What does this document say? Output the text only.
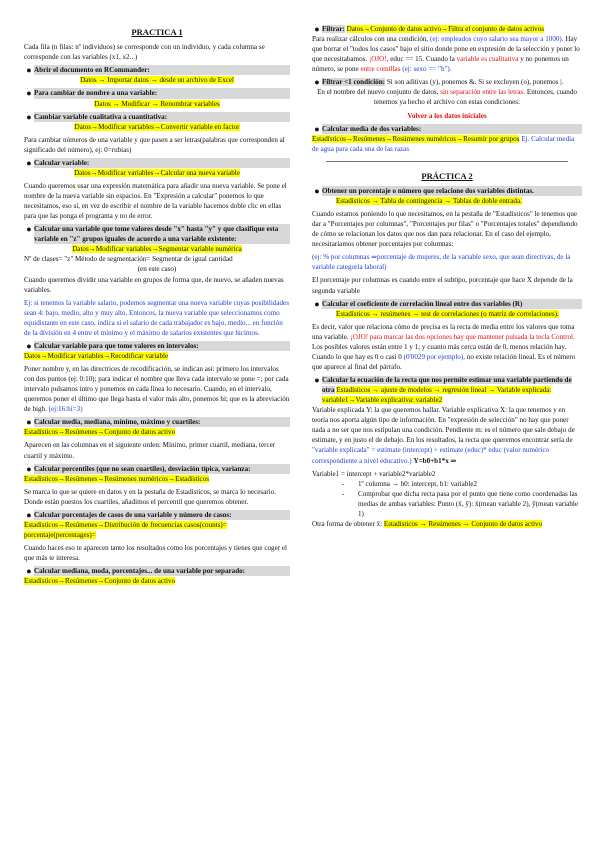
PRACTICA 1

Cada fila (n filas: nº individuos) se corresponde con un individuo, y cada columna se corresponde con las variables (x1, x2...)

● Abrir el documento en RCommander:

Datos → Importar datos → desde un archivo de Excel

● Para cambiar de nombre a una variable:

Datos → Modificar → Renombrar variables

● Cambiar variable cualitativa a cuantitativa:

Datos→Modificar variables→Convertir variable en factor

Para cambiar números de una variable y que pasen a ser letras(palabras que corresponden al significado del número), ej: 0=rubias)

● Calcular variable:

Datos→Modificar variables→Calcular una nueva variable

Cuando queremos usar una expresión matemática para añadir una nueva variable. Se pone el nombre de la nueva variable sin espacios. En "Expresión a calcular" ponemos lo que necesitamos, eso sí, en vez de escribir el nombre de la variable hacemos doble clic en ellas para que las ponga el programa y no de error.

● Calcular una variable que tome valores desde "x" hasta "y" y que clasifique esta variable en "z" grupos iguales de acuerdo a una variable existente:

Datos→Modificar variables→Segmentar variable numérica

Nº de clases= "z" Método de segmentación= Segmentar de igual cantidad

(en este caso)

Cuando queremos dividir una variable en grupos de forma que, de nuevo, se añaden nuevas variables.

Ej: si tenemos la variable salario, podemos segmentar una nueva variable cuyas posibilidades sean 4: bajo, medio, alto y muy alto. Entonces, la nueva variable que seleccionamos como equidistante en este caso, indica si el salario de cada trabajador es bajo, medio... en función de la división en 4 entre el mínimo y el máximo de salarios existentes que hicimos.

● Calcular variable para que tome valores en intervalos:

Datos→Modificar variables→Recodificar variable

Poner nombre y, en las directrices de recodificación, se indican así: primero los intervalos con dos puntos (ej: 0:10); para indicar el nombre que lleva cada intervalo se pone =; por cada intervalo pulsamos intro y ponemos en cada línea lo necesario. Cuando, en el intervalo, queremos poner el último que llega hasta el valor más alto, ponemos hi; que es la abreviación de high. (ej:16:hi=3)

● Calcular media, mediana, mínimo, máximo y cuartiles:

Estadísticos→Resúmenes→Conjunto de datos activo

Aparecen en las columnas en el siguiente orden: Mínimo, primer cuartil, mediana, tercer cuartil y máximo.

● Calcular percentiles (que no sean cuartiles), desviación típica, varianza:

Estadísticos→Resúmenes→Resúmenes numéricos→Estadísticos

Se marca lo que se quiere en datos y en la pestaña de Estadísticos, se marca lo necesario. Donde están puestos los cuartiles, añadimos el percentil que queremos obtener.

● Calcular porcentajes de casos de una variable y número de casos:

Estadísticos→Resúmenes→Distribución de frecuencias casos(counts)= porcentaje(percentages)=

Cuando haces eso te aparecen tanto los resultados como los porcentajes y tienes que coger el que más te interesa.

● Calcular mediana, moda, porcentajes... de una variable por separado:

Estadísticos→Resúmenes→Conjunto de datos activo

● Filtrar: Datos→Conjunto de datos activo→Filtra el conjunto de datos activos

Para realizar cálculos con una condición, (ej: empleados cuyo salario sea mayor a 1000). Hay que borrar el "todos los casos" bajo el sitio donde pone en expresión de la selección y poner lo que necesitabamos. ¡OJO!, educ == 15. Cuando la variable es cualitativa y no ponemos un número, se pone entre comillas (ej: sexo == "h").

● Filtrar <1 condición: Si son aditivas (y), ponemos &. Si se excluyen (o), ponemos |.

En el nombre del nuevo conjunto de datos, sin separación entre las letras. Entonces, cuando tenemos ya hecho el archivo con estas condiciones:

Volver a los datos iniciales

● Calcular media de dos variables:

Estadísticos→Resúmenes→Resúmenes numéricos→Resumir por grupos Ej. Calcular media de agua para cada una de las razas

PRÁCTICA 2
● Obtener un porcentaje o número que relacione dos variables distintas.

Estadísticos → Tabla de contingencia → Tablas de doble entrada.

Cuando estamos poniendo lo que necesitamos, en la pestaña de "Estadísticos" le tenemos que dar a "Porcentajes por columnas", "Porcentajes por filas" o "Porcentajes totales" dependiendo de cómo se relacionan los datos que nos dan para relacionar. En el caso del ejemplo, necesitaríamos obtener porcentajes por columnas:

(ej: % por columnas ⇒porcentaje de mujeres, de la variable sexo, que sean directivas, de la variable categoría laboral)

El porcentaje por columnas es cuando entre el subtipo, porcentaje que hace X depende de la segunda variable

● Calcular el coeficiente de correlación lineal entre dos variables (R)

Estadísticos → resúmenes → test de correlaciones (o matriz de correlaciones).

Es decir, valor que relaciona cómo de precisa es la recta de media entre los valores que toma una variable. ¡OJO! para marcar las dos opciones hay que mantener pulsada la tecla Control. Los posibles valores están entre 1 y 1; y cuanto más cerca están de 0, menos relación hay. Cuando lo que hay es 0 o casi 0 (0'0029 por ejemplo), no existe relación lineal. Es el número que aparece al final del párrafo.

● Calcular la ecuación de la recta que nos permite estimar una variable partiendo de otra Estadísticos → ajuste de modelos → regresión lineal → Variable explicada: variable1→Variable explicativa: variable2

Variable explicada Y: la que queremos hallar. Variable explicativa X: la que tenemos y en teoría nos aporta algún tipo de información. En "expresión de selección" no hay que poner nada a no ser que nos estipulan una condición. Pendiente m: es el número que sale debajo de estimate, y en justo el de debajo. En los resultados, la recta que queremos encontrar sería de "variable explicada" = estimate (intercept) + estimate (educ)* educ (valor numérico correspondiente a nivel educativo.) Y=b0+b1*x ⇒

Variable1 = intercept + variable2*variable2

-	1º columna → b0: intercept, b1: variable2
-	Comprobar que dicha recta pasa por el punto que tiene como coordenadas las medias de ambas variables: Punto (x̄, ȳ): x̄(mean variable 2), ȳ(mean variable 1)

Otra forma de obtener x̄: Estadísticos → Resúmenes → Conjunto de datos activo
